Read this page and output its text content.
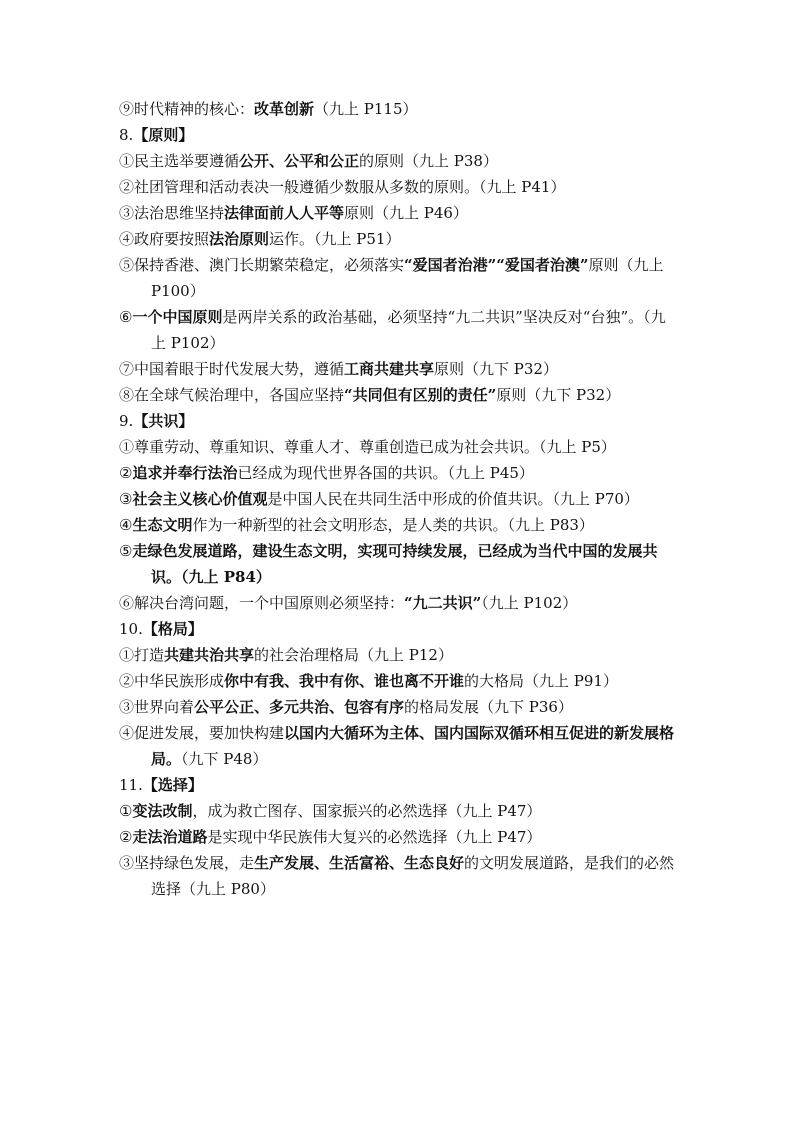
⑨时代精神的核心：改革创新（九上 P115）

8.【原则】

①民主选举要遵循公开、公平和公正的原则（九上 P38）

②社团管理和活动表决一般遵循少数服从多数的原则。（九上 P41）

③法治思维坚持法律面前人人平等原则（九上 P46）

④政府要按照法治原则运作。（九上 P51）

⑤保持香港、澳门长期繁荣稳定，必须落实“爱国者治港”“爱国者治澳”原则（九上 P100）

⑥一个中国原则是两岸关系的政治基础，必须坚持“九二共识”坚决反对“台独”。（九上 P102）

⑦中国着眼于时代发展大势，遵循工商共建共享原则（九下 P32）

⑧在全球气候治理中，各国应坚持“共同但有区别的责任”原则（九下 P32）

9.【共识】

①尊重劳动、尊重知识、尊重人才、尊重创造已成为社会共识。（九上 P5）

②追求并奉行法治已经成为现代世界各国的共识。（九上 P45）

③社会主义核心价值观是中国人民在共同生活中形成的价值共识。（九上 P70）

④生态文明作为一种新型的社会文明形态，是人类的共识。（九上 P83）

⑤走绿色发展道路，建设生态文明，实现可持续发展，已经成为当代中国的发展共识。（九上 P84）

⑥解决台湾问题，一个中国原则必须坚持：“九二共识”（九上 P102）

10.【格局】

①打造共建共治共享的社会治理格局（九上 P12）

②中华民族形成你中有我、我中有你、谁也离不开谁的大格局（九上 P91）

③世界向着公平公正、多元共治、包容有序的格局发展（九下 P36）

④促进发展，要加快构建以国内大循环为主体、国内国际双循环相互促进的新发展格局。（九下 P48）

11.【选择】

①变法改制，成为救亡图存、国家振兴的必然选择（九上 P47）

②走法治道路是实现中华民族伟大复兴的必然选择（九上 P47）

③坚持绿色发展，走生产发展、生活富裕、生态良好的文明发展道路，是我们的必然选择（九上 P80）
